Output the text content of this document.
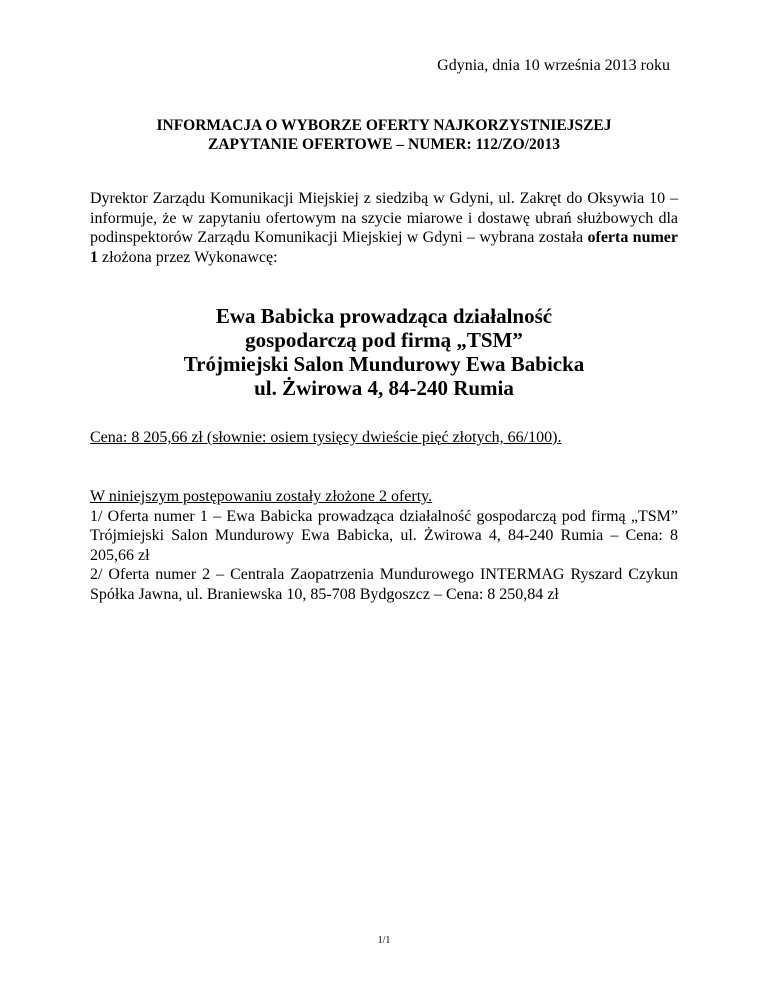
Gdynia, dnia 10 września 2013 roku
INFORMACJA O WYBORZE OFERTY NAJKORZYSTNIEJSZEJ
ZAPYTANIE OFERTOWE – NUMER: 112/ZO/2013
Dyrektor Zarządu Komunikacji Miejskiej z siedzibą w Gdyni, ul. Zakręt do Oksywia 10 – informuje, że w zapytaniu ofertowym na szycie miarowe i dostawę ubrań służbowych dla podinspektorów Zarządu Komunikacji Miejskiej w Gdyni – wybrana została oferta numer 1 złożona przez Wykonawcę:
Ewa Babicka prowadząca działalność
gospodarczą pod firmą „TSM”
Trójmiejski Salon Mundurowy Ewa Babicka
ul. Żwirowa 4, 84-240 Rumia
Cena: 8 205,66 zł (słownie: osiem tysięcy dwieście pięć złotych, 66/100).

W niniejszym postępowaniu zostały złożone 2 oferty.

1/ Oferta numer 1 – Ewa Babicka prowadząca działalność gospodarczą pod firmą „TSM” Trójmiejski Salon Mundurowy Ewa Babicka, ul. Żwirowa 4, 84-240 Rumia – Cena: 8 205,66 zł

2/ Oferta numer 2 – Centrala Zaopatrzenia Mundurowego INTERMAG Ryszard Czykun Spółka Jawna, ul. Braniewska 10, 85-708 Bydgoszcz – Cena: 8 250,84 zł

1/1
